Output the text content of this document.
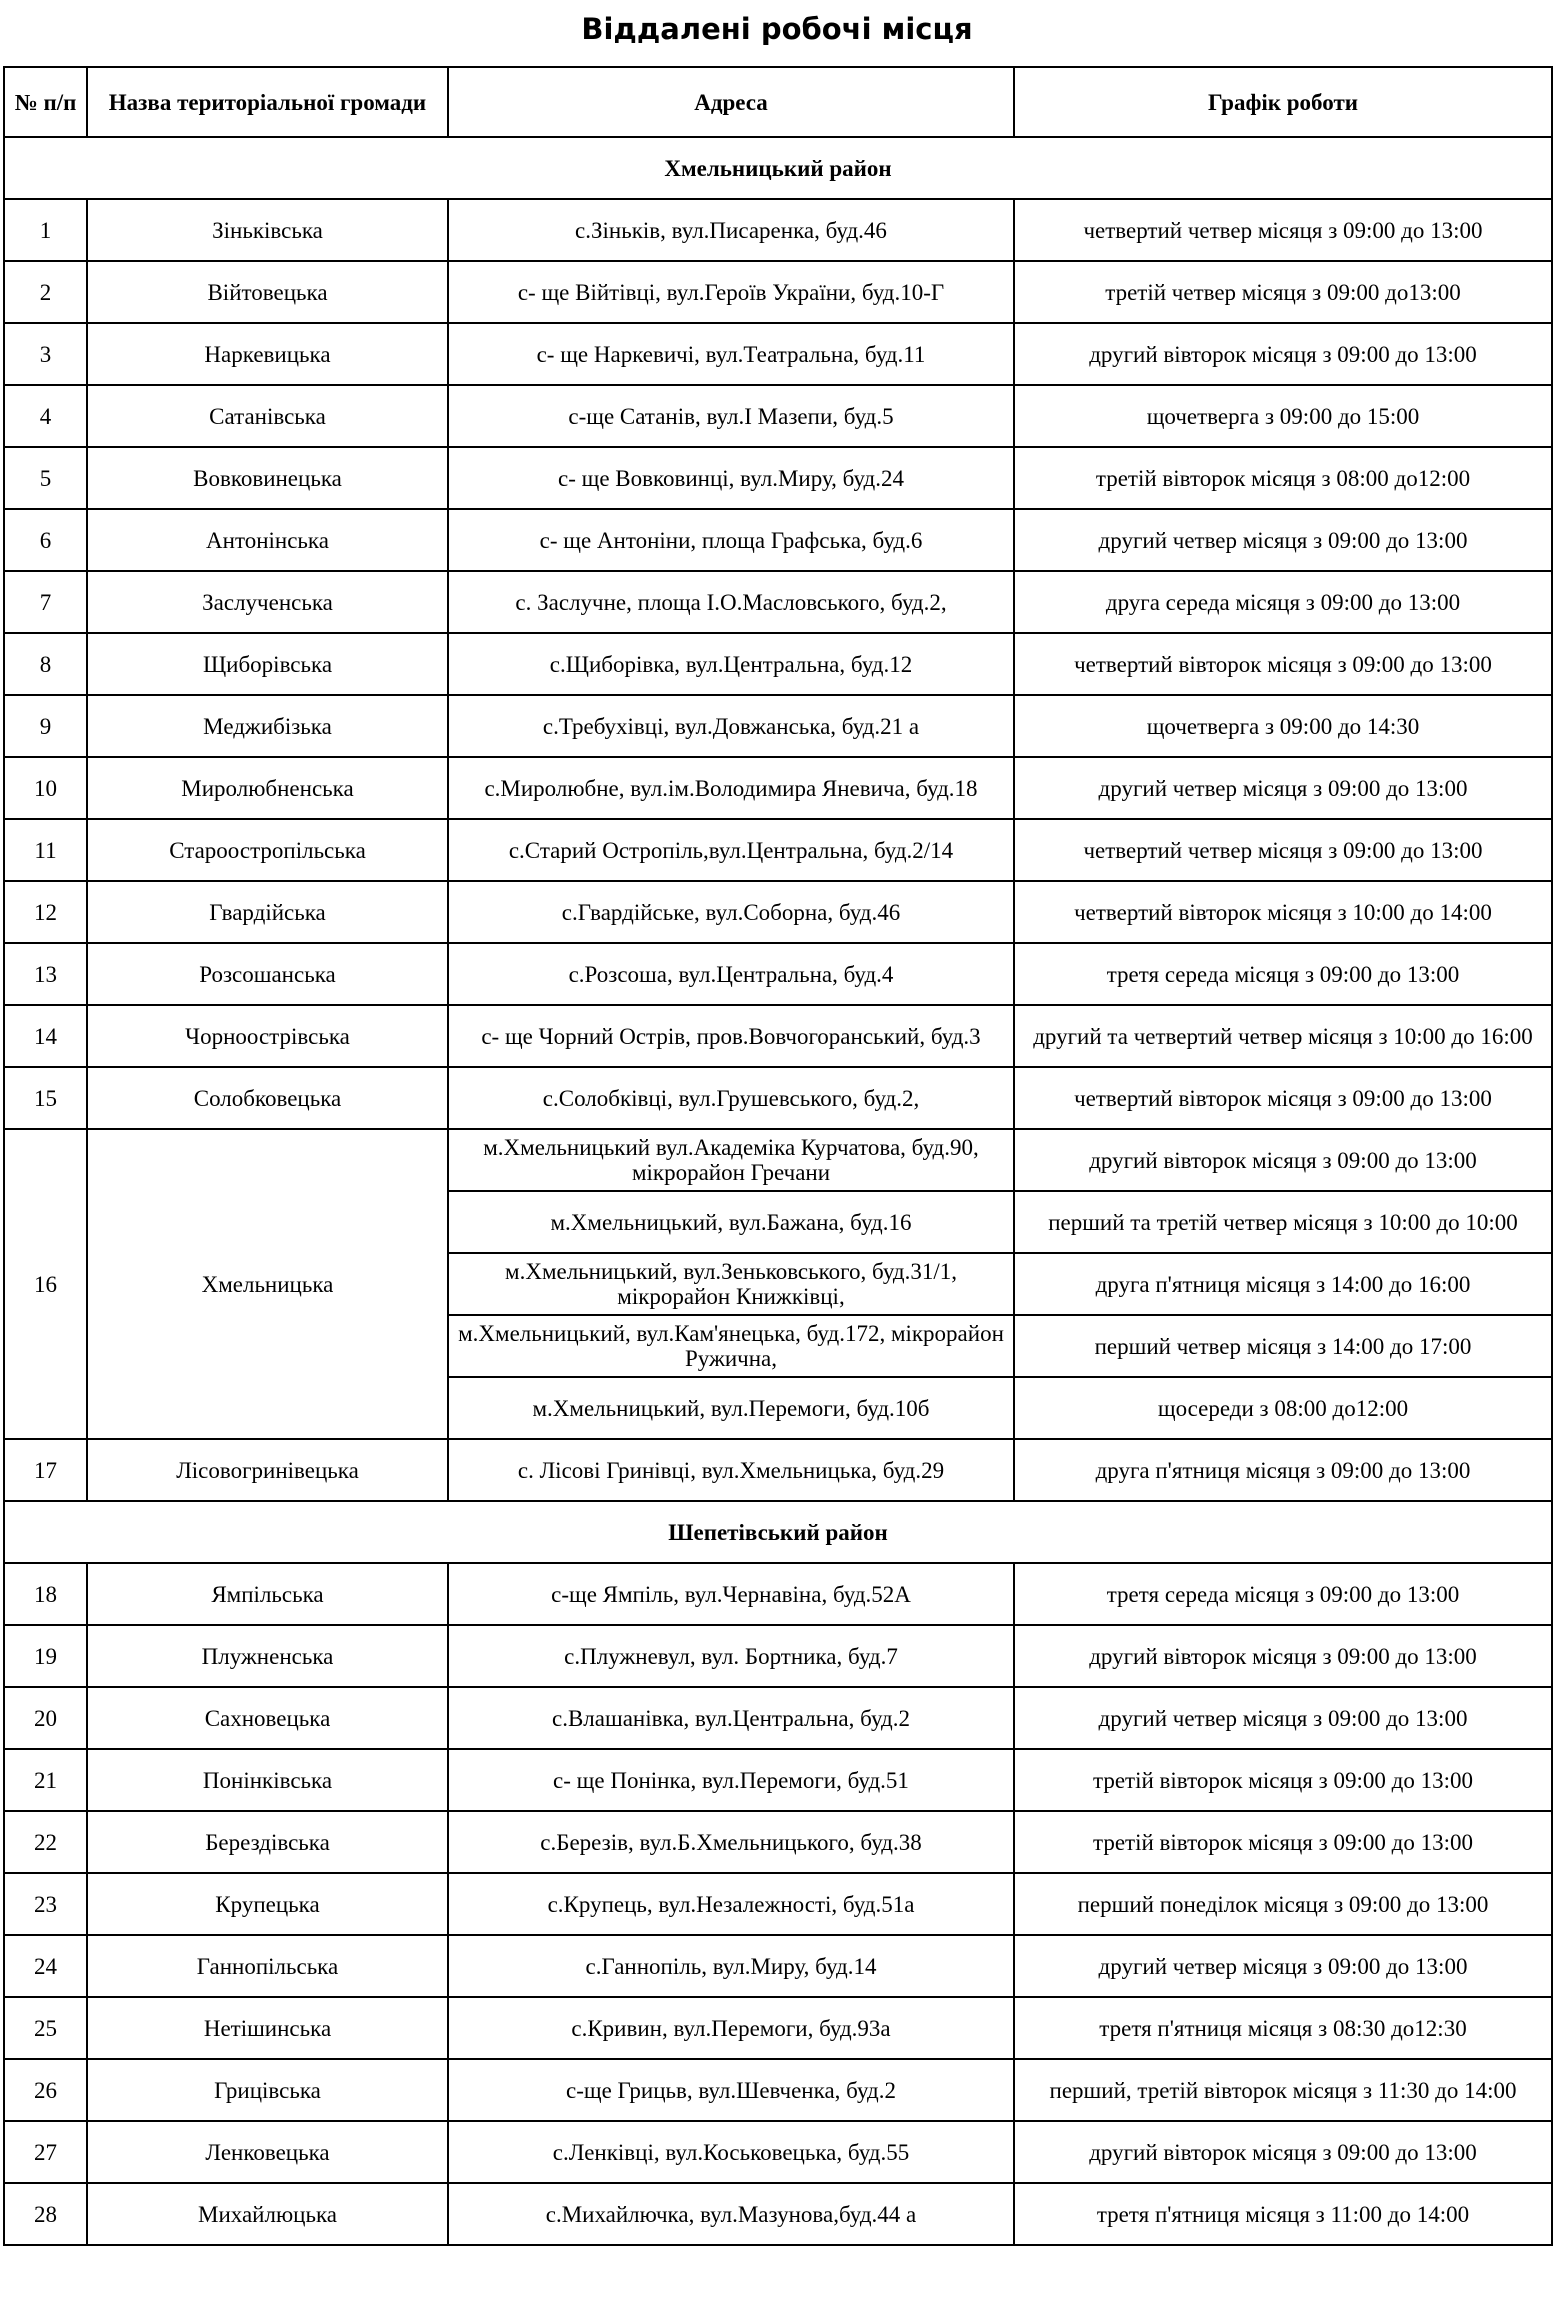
Віддалені робочі місця
№ п/п	Назва територіальної громади	Адреса	Графік роботи
Хмельницький район			
1	Зіньківська	с.Зіньків, вул.Писаренка, буд.46	четвертий четвер місяця з 09:00 до 13:00
2	Війтовецька	с- ще Війтівці, вул.Героїв України, буд.10-Г	третій четвер місяця з 09:00 до13:00
3	Наркевицька	с- ще Наркевичі, вул.Театральна, буд.11	другий вівторок місяця з 09:00 до 13:00
4	Сатанівська	с-ще Сатанів, вул.І Мазепи, буд.5	щочетверга з 09:00 до 15:00
5	Вовковинецька	с- ще Вовковинці, вул.Миру, буд.24	третій вівторок місяця з 08:00 до12:00
6	Антонінська	с- ще Антоніни, площа Графська, буд.6	другий четвер місяця з 09:00 до 13:00
7	Заслученська	с. Заслучне, площа І.О.Масловського, буд.2,	друга середа місяця з 09:00 до 13:00
8	Щиборівська	с.Щиборівка, вул.Центральна, буд.12	четвертий вівторок місяця з 09:00 до 13:00
9	Меджибізька	с.Требухівці, вул.Довжанська, буд.21 а	щочетверга з 09:00 до 14:30
10	Миролюбненська	с.Миролюбне, вул.ім.Володимира Яневича, буд.18	другий четвер місяця з 09:00 до 13:00
11	Староостропільська	с.Старий Остропіль,вул.Центральна, буд.2/14	четвертий четвер місяця з 09:00 до 13:00
12	Гвардійська	с.Гвардійське, вул.Соборна, буд.46	четвертий вівторок місяця з 10:00 до 14:00
13	Розсошанська	с.Розсоша, вул.Центральна, буд.4	третя середа місяця з 09:00 до 13:00
14	Чорноострівська	с- ще Чорний Острів, пров.Вовчогоранський, буд.3	другий та четвертий четвер місяця з 10:00 до 16:00
15	Солобковецька	с.Солобківці, вул.Грушевського, буд.2,	четвертий вівторок місяця з 09:00 до 13:00
16	Хмельницька	м.Хмельницький вул.Академіка Курчатова, буд.90, мікрорайон Гречани	другий вівторок місяця з 09:00 до 13:00
		м.Хмельницький, вул.Бажана, буд.16	перший та третій четвер місяця з 10:00 до 10:00
		м.Хмельницький, вул.Зеньковського, буд.31/1, мікрорайон Книжківці,	друга п'ятниця місяця з 14:00 до 16:00
		м.Хмельницький, вул.Кам'янецька, буд.172, мікрорайон Ружична,	перший четвер місяця з 14:00 до 17:00
		м.Хмельницький, вул.Перемоги, буд.10б	щосереди з 08:00 до12:00
17	Лісовогринівецька	с. Лісові Гринівці, вул.Хмельницька, буд.29	друга п'ятниця місяця з 09:00 до 13:00
Шепетівський район			
18	Ямпільська	с-ще Ямпіль, вул.Чернавіна, буд.52А	третя середа місяця з 09:00 до 13:00
19	Плужненська	с.Плужневул, вул. Бортника, буд.7	другий вівторок місяця з 09:00 до 13:00
20	Сахновецька	с.Влашанівка, вул.Центральна, буд.2	другий четвер місяця з 09:00 до 13:00
21	Понінківська	с- ще Понінка, вул.Перемоги, буд.51	третій вівторок місяця з 09:00 до 13:00
22	Берездівська	с.Березів, вул.Б.Хмельницького, буд.38	третій вівторок місяця з 09:00 до 13:00
23	Крупецька	с.Крупець, вул.Незалежності, буд.51а	перший понеділок місяця з 09:00 до 13:00
24	Ганнопільська	с.Ганнопіль, вул.Миру, буд.14	другий четвер місяця з 09:00 до 13:00
25	Нетішинська	с.Кривин, вул.Перемоги, буд.93а	третя п'ятниця місяця з 08:30 до12:30
26	Грицівська	с-ще Грицьв, вул.Шевченка, буд.2	перший, третій вівторок місяця з 11:30 до 14:00
27	Ленковецька	с.Ленківці, вул.Коськовецька, буд.55	другий вівторок місяця з 09:00 до 13:00
28	Михайлюцька	с.Михайлючка, вул.Мазунова,буд.44 а	третя п'ятниця місяця з 11:00 до 14:00
